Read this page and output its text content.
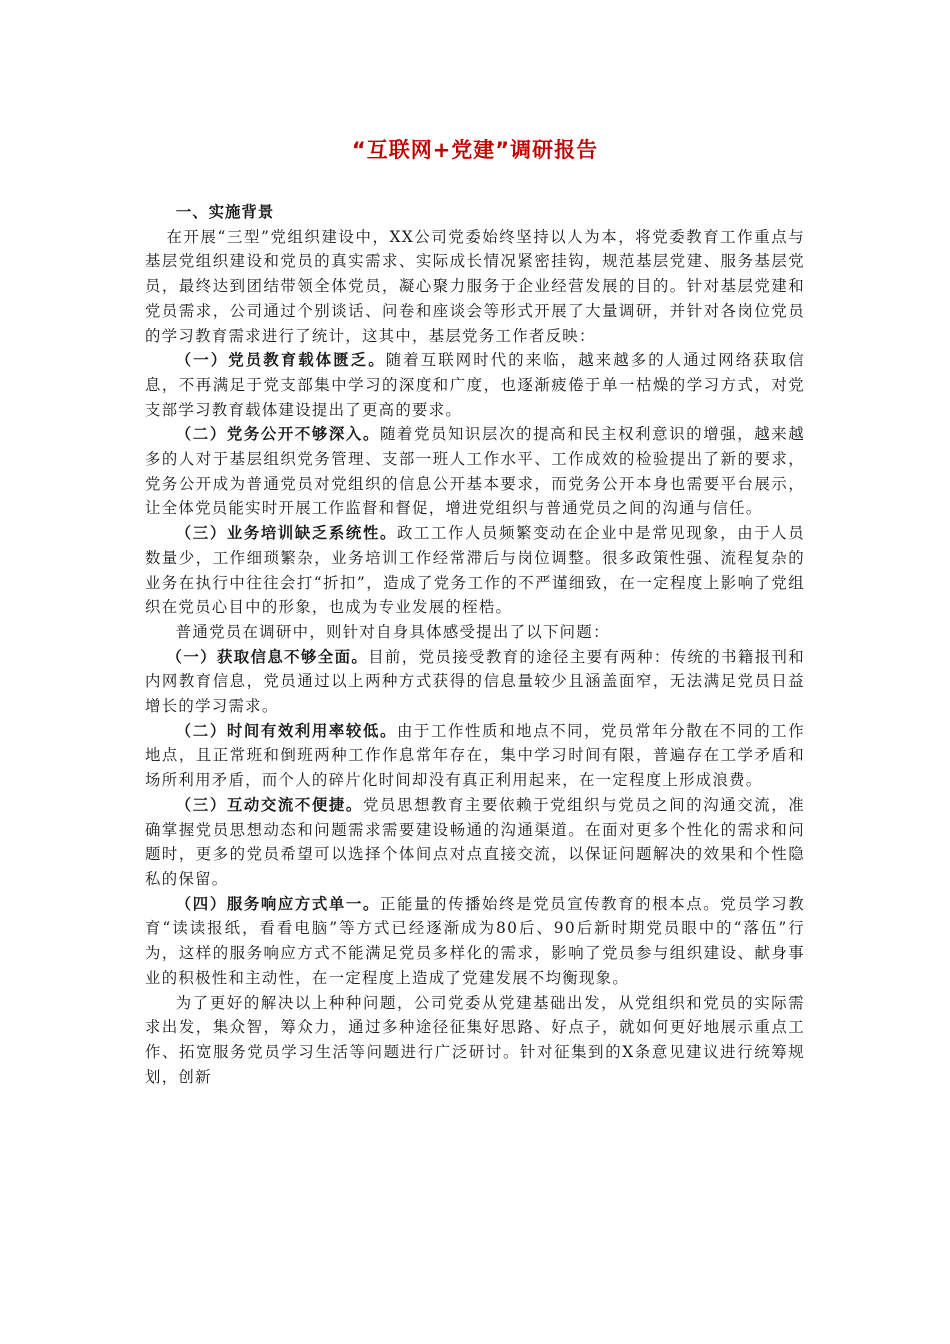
“互联网+党建”调研报告

一、实施背景

在开展“三型”党组织建设中，XX公司党委始终坚持以人为本，将党委教育工作重点与基层党组织建设和党员的真实需求、实际成长情况紧密挂钩，规范基层党建、服务基层党员，最终达到团结带领全体党员，凝心聚力服务于企业经营发展的目的。针对基层党建和党员需求，公司通过个别谈话、问卷和座谈会等形式开展了大量调研，并针对各岗位党员的学习教育需求进行了统计，这其中，基层党务工作者反映：

（一）党员教育载体匮乏。随着互联网时代的来临，越来越多的人通过网络获取信息，不再满足于党支部集中学习的深度和广度，也逐渐疲倦于单一枯燥的学习方式，对党支部学习教育载体建设提出了更高的要求。

（二）党务公开不够深入。随着党员知识层次的提高和民主权利意识的增强，越来越多的人对于基层组织党务管理、支部一班人工作水平、工作成效的检验提出了新的要求，党务公开成为普通党员对党组织的信息公开基本要求，而党务公开本身也需要平台展示，让全体党员能实时开展工作监督和督促，增进党组织与普通党员之间的沟通与信任。

（三）业务培训缺乏系统性。政工工作人员频繁变动在企业中是常见现象，由于人员数量少，工作细琐繁杂，业务培训工作经常滞后与岗位调整。很多政策性强、流程复杂的业务在执行中往往会打“折扣”，造成了党务工作的不严谨细致，在一定程度上影响了党组织在党员心目中的形象，也成为专业发展的桎梏。

普通党员在调研中，则针对自身具体感受提出了以下问题：

（一）获取信息不够全面。目前，党员接受教育的途径主要有两种：传统的书籍报刊和内网教育信息，党员通过以上两种方式获得的信息量较少且涵盖面窄，无法满足党员日益增长的学习需求。

（二）时间有效利用率较低。由于工作性质和地点不同，党员常年分散在不同的工作地点，且正常班和倒班两种工作作息常年存在，集中学习时间有限，普遍存在工学矛盾和场所利用矛盾，而个人的碎片化时间却没有真正利用起来，在一定程度上形成浪费。

（三）互动交流不便捷。党员思想教育主要依赖于党组织与党员之间的沟通交流，准确掌握党员思想动态和问题需求需要建设畅通的沟通渠道。在面对更多个性化的需求和问题时，更多的党员希望可以选择个体间点对点直接交流，以保证问题解决的效果和个性隐私的保留。

（四）服务响应方式单一。正能量的传播始终是党员宣传教育的根本点。党员学习教育“读读报纸，看看电脑”等方式已经逐渐成为80后、90后新时期党员眼中的“落伍”行为，这样的服务响应方式不能满足党员多样化的需求，影响了党员参与组织建设、献身事业的积极性和主动性，在一定程度上造成了党建发展不均衡现象。

为了更好的解决以上种种问题，公司党委从党建基础出发，从党组织和党员的实际需求出发，集众智，筹众力，通过多种途径征集好思路、好点子，就如何更好地展示重点工作、拓宽服务党员学习生活等问题进行广泛研讨。针对征集到的X条意见建议进行统筹规划，创新
